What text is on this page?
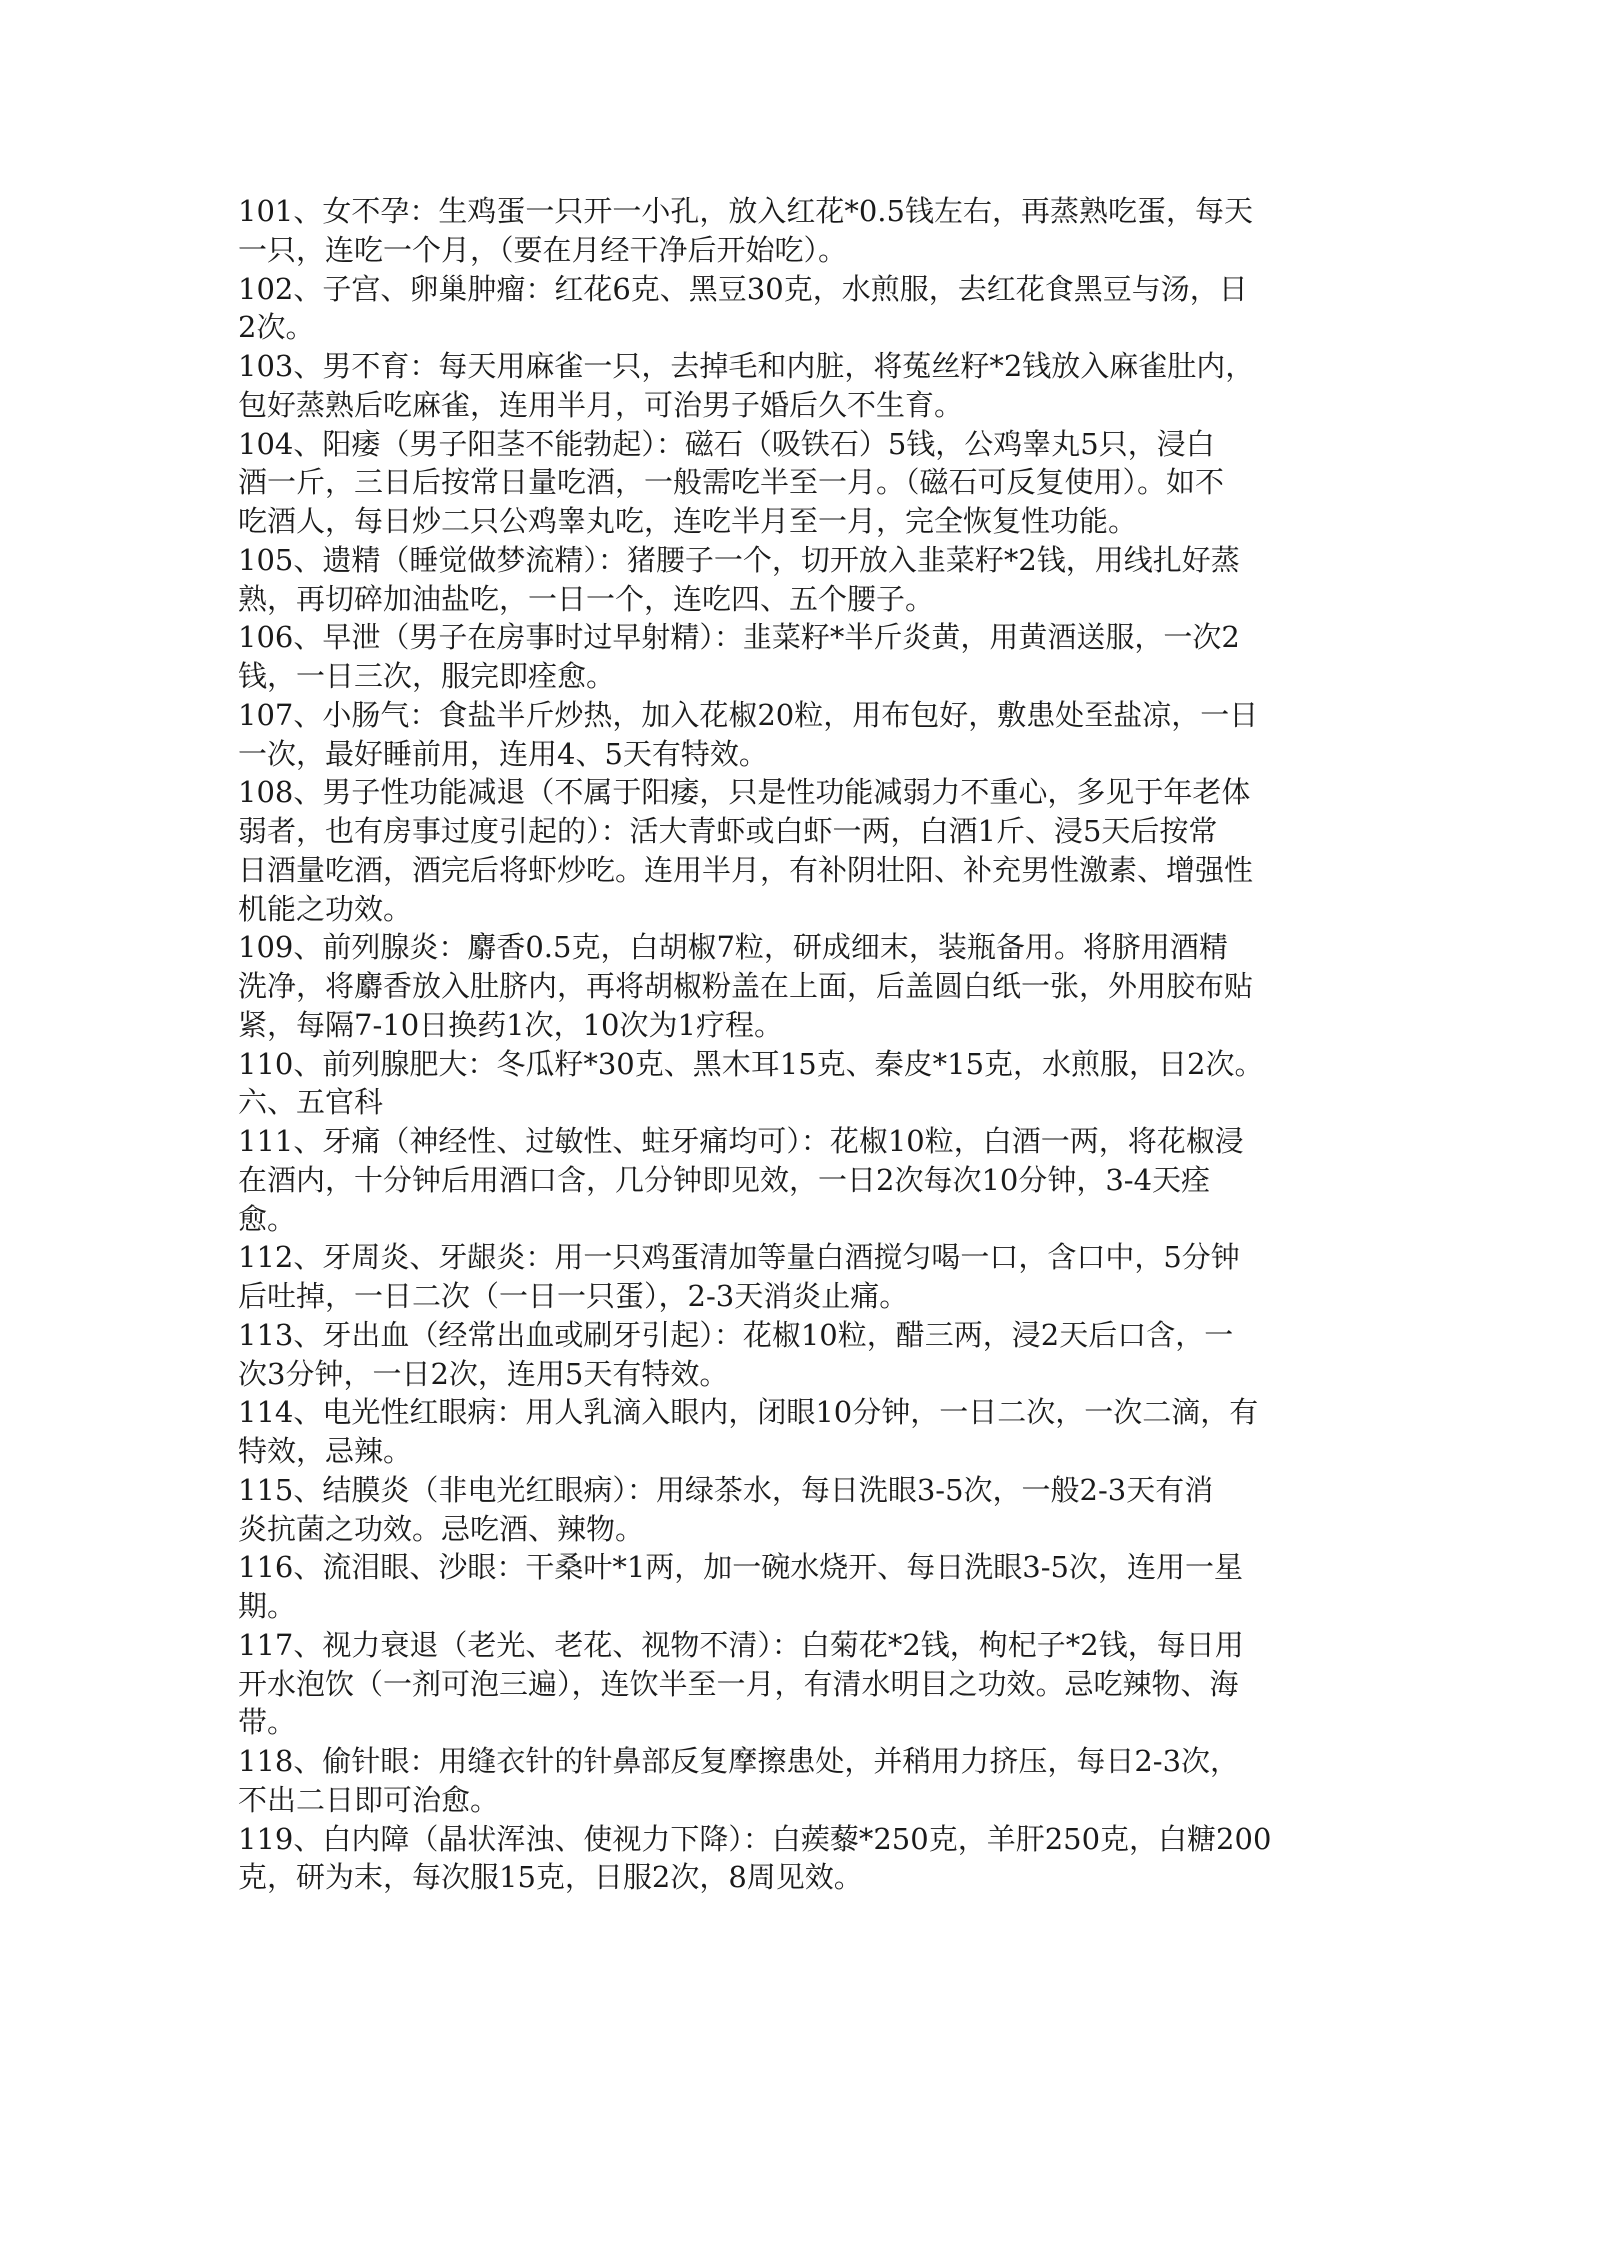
101、女不孕：生鸡蛋一只开一小孔，放入红花*0.5钱左右，再蒸熟吃蛋，每天
一只，连吃一个月，（要在月经干净后开始吃）。
102、子宫、卵巢肿瘤：红花6克、黑豆30克，水煎服，去红花食黑豆与汤，日
2次。
103、男不育：每天用麻雀一只，去掉毛和内脏，将菟丝籽*2钱放入麻雀肚内，
包好蒸熟后吃麻雀，连用半月，可治男子婚后久不生育。
104、阳痿（男子阳茎不能勃起）：磁石（吸铁石）5钱，公鸡睾丸5只，浸白
酒一斤，三日后按常日量吃酒，一般需吃半至一月。（磁石可反复使用）。如不
吃酒人，每日炒二只公鸡睾丸吃，连吃半月至一月，完全恢复性功能。
105、遗精（睡觉做梦流精）：猪腰子一个，切开放入韭菜籽*2钱，用线扎好蒸
熟，再切碎加油盐吃，一日一个，连吃四、五个腰子。
106、早泄（男子在房事时过早射精）：韭菜籽*半斤炎黄，用黄酒送服，一次2
钱，一日三次，服完即痊愈。
107、小肠气：食盐半斤炒热，加入花椒20粒，用布包好，敷患处至盐凉，一日
一次，最好睡前用，连用4、5天有特效。
108、男子性功能减退（不属于阳痿，只是性功能减弱力不重心，多见于年老体
弱者，也有房事过度引起的）：活大青虾或白虾一两，白酒1斤、浸5天后按常
日酒量吃酒，酒完后将虾炒吃。连用半月，有补阴壮阳、补充男性激素、增强性
机能之功效。
109、前列腺炎：麝香0.5克，白胡椒7粒，研成细末，装瓶备用。将脐用酒精
洗净，将麝香放入肚脐内，再将胡椒粉盖在上面，后盖圆白纸一张，外用胶布贴
紧，每隔7-10日换药1次，10次为1疗程。
110、前列腺肥大：冬瓜籽*30克、黑木耳15克、秦皮*15克，水煎服，日2次。
六、五官科
111、牙痛（神经性、过敏性、蛀牙痛均可）：花椒10粒，白酒一两，将花椒浸
在酒内，十分钟后用酒口含，几分钟即见效，一日2次每次10分钟，3-4天痊
愈。
112、牙周炎、牙龈炎：用一只鸡蛋清加等量白酒搅匀喝一口，含口中，5分钟
后吐掉，一日二次（一日一只蛋），2-3天消炎止痛。
113、牙出血（经常出血或刷牙引起）：花椒10粒，醋三两，浸2天后口含，一
次3分钟，一日2次，连用5天有特效。
114、电光性红眼病：用人乳滴入眼内，闭眼10分钟，一日二次，一次二滴，有
特效，忌辣。
115、结膜炎（非电光红眼病）：用绿茶水，每日洗眼3-5次，一般2-3天有消
炎抗菌之功效。忌吃酒、辣物。
116、流泪眼、沙眼：干桑叶*1两，加一碗水烧开、每日洗眼3-5次，连用一星
期。
117、视力衰退（老光、老花、视物不清）：白菊花*2钱，枸杞子*2钱，每日用
开水泡饮（一剂可泡三遍），连饮半至一月，有清水明目之功效。忌吃辣物、海
带。
118、偷针眼：用缝衣针的针鼻部反复摩擦患处，并稍用力挤压，每日2-3次，
不出二日即可治愈。
119、白内障（晶状浑浊、使视力下降）：白蒺藜*250克，羊肝250克，白糖200
克，研为末，每次服15克，日服2次，8周见效。
